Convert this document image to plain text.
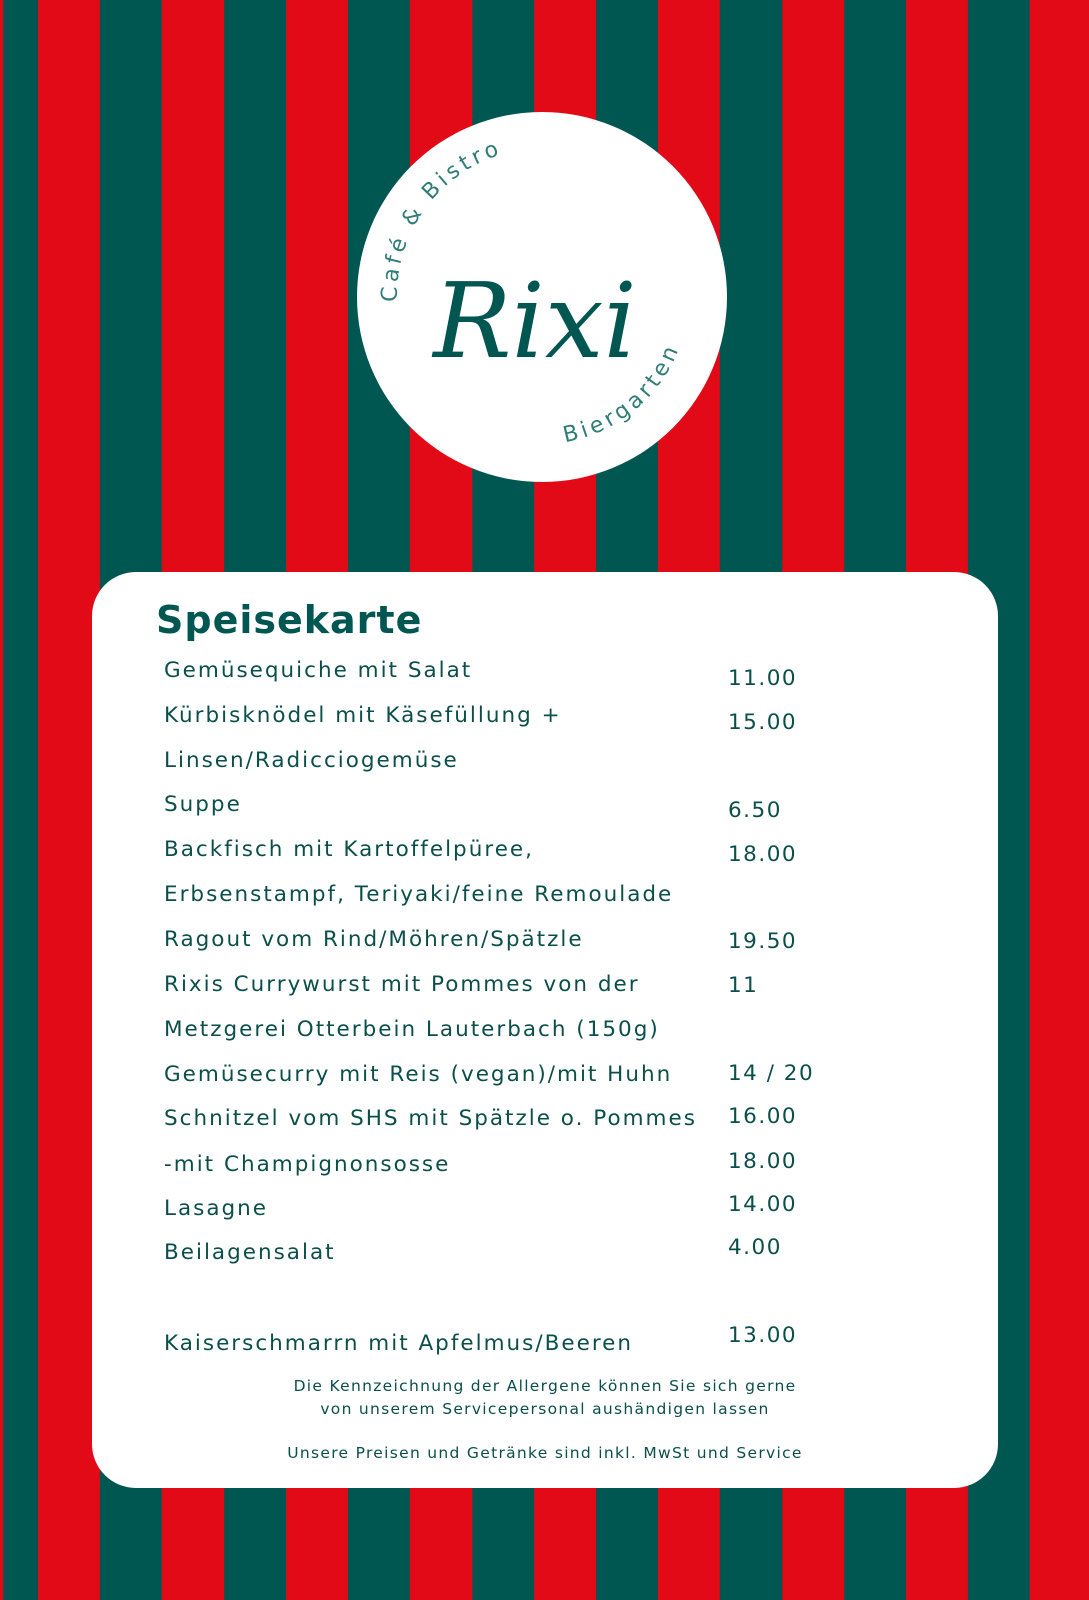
Café & Bistro
Rixi
Biergarten
Speisekarte
Gemüsequiche mit Salat	11.00
Kürbisknödel mit Käsefüllung +	15.00
Linsen/Radicciogemüse
Suppe	6.50
Backfisch mit Kartoffelpüree,	18.00
Erbsenstampf, Teriyaki/feine Remoulade
Ragout vom Rind/Möhren/Spätzle	19.50
Rixis Currywurst mit Pommes von der	11
Metzgerei Otterbein Lauterbach (150g)
Gemüsecurry mit Reis (vegan)/mit Huhn	14 / 20
Schnitzel vom SHS mit Spätzle o. Pommes 16.00
-mit Champignonsosse	18.00
Lasagne	14.00
Beilagensalat	4.00
Kaiserschmarrn mit Apfelmus/Beeren	13.00
Die Kennzeichnung der Allergene können Sie sich gerne
von unserem Servicepersonal aushändigen lassen
Unsere Preisen und Getränke sind inkl. MwSt und Service
